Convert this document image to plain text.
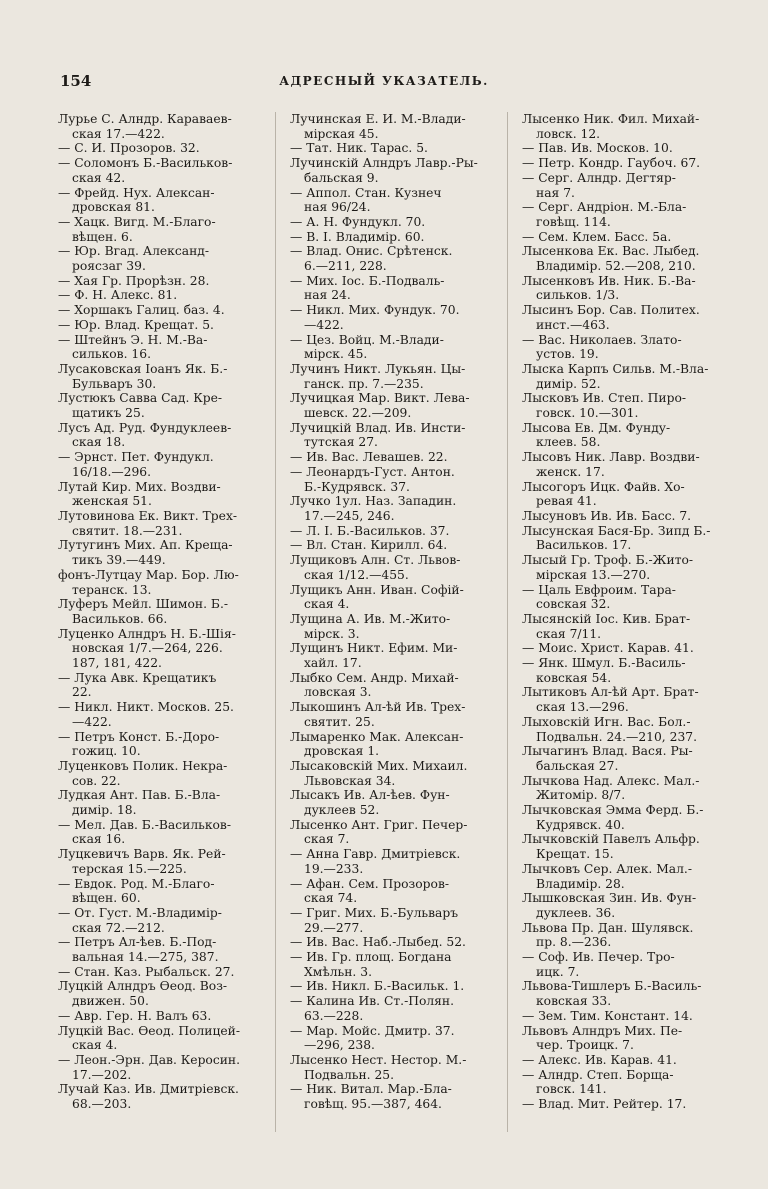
154	АДРЕСНЫЙ УКАЗАТЕЛЬ.
Лурье С. Алндр. Караваев-
ская 17.—422.
— С. И. Прозоров. 32.
— Соломонъ Б.-Васильков-
ская 42.
— Фрейд. Нух. Алексан-
дровская 81.
— Хацк. Вигд. М.-Благо-
вѣщен. 6.
— Юр. Вгад. Александ-
роясзаг 39.
— Хая Гр. Прорѣзн. 28.
— Ф. Н. Алекс. 81.
— Хоршакъ Галиц. баз. 4.
— Юр. Влад. Крещат. 5.
— Штейнъ Э. Н. М.-Ва-
сильков. 16.
Лусаковская Іоанъ Як. Б.-
Бульваръ 30.
Лустюкъ Савва Сад. Кре-
щатикъ 25.
Лусъ Ад. Руд. Фундуклеев-
ская 18.
— Эрнст. Пет. Фундукл.
16/18.—296.
Лутай Кир. Мих. Воздви-
женская 51.
Лутовинова Ек. Викт. Трех-
святит. 18.—231.
Лутугинъ Мих. Ап. Креща-
тикъ 39.—449.
фонъ-Лутцау Мар. Бор. Лю-
теранск. 13.
Луферъ Мейл. Шимон. Б.-
Васильков. 66.
Луценко Алндръ Н. Б.-Шія-
новская 1/7.—264, 226.
187, 181, 422.
— Лука Авк. Крещатикъ
22.
— Никл. Никт. Москов. 25.
—422.
— Петръ Конст. Б.-Доро-
гожиц. 10.
Луценковъ Полик. Некра-
сов. 22.
Лудкая Ант. Пав. Б.-Вла-
димір. 18.
— Мел. Дав. Б.-Васильков-
ская 16.
Луцкевичъ Варв. Як. Рей-
терская 15.—225.
— Евдок. Род. М.-Благо-
вѣщен. 60.
— От. Густ. М.-Владимір-
ская 72.—212.
— Петръ Ал-ѣев. Б.-Под-
вальная 14.—275, 387.
— Стан. Каз. Рыбальск. 27.
Луцкій Алндръ Ѳеод. Воз-
движен. 50.
— Авр. Гер. Н. Валъ 63.
Луцкій Вас. Ѳеод. Полицей-
ская 4.
— Леон.-Эрн. Дав. Керосин.
17.—202.
Лучай Каз. Ив. Дмитріевск.
68.—203.
Лучинская Е. И. М.-Влади-
мірская 45.
— Тат. Ник. Тарас. 5.
Лучинскій Алндръ Лавр.-Ры-
бальская 9.
— Аппол. Стан. Кузнеч
ная 96/24.
— А. Н. Фундукл. 70.
— В. І. Владимір. 60.
— Влад. Онис. Срѣтенск.
6.—211, 228.
— Мих. Іос. Б.-Подваль-
ная 24.
— Никл. Мих. Фундук. 70.
—422.
— Цез. Войц. М.-Влади-
мірск. 45.
Лучинъ Никт. Лукьян. Цы-
ганск. пр. 7.—235.
Лучицкая Мар. Викт. Лева-
шевск. 22.—209.
Лучицкій Влад. Ив. Инсти-
тутская 27.
— Ив. Вас. Левашев. 22.
— Леонардъ-Густ. Антон.
Б.-Кудрявск. 37.
Лучко 1ул. Наз. Западин.
17.—245, 246.
— Л. І. Б.-Васильков. 37.
— Вл. Стан. Кирилл. 64.
Лущиковъ Алн. Ст. Львов-
ская 1/12.—455.
Лущикъ Анн. Иван. Софій-
ская 4.
Лущина А. Ив. М.-Жито-
мірск. 3.
Лущинъ Никт. Ефим. Ми-
хайл. 17.
Лыбко Сем. Андр. Михай-
ловская 3.
Лыкошинъ Ал-ѣй Ив. Трех-
святит. 25.
Лымаренко Мак. Алексан-
дровская 1.
Лысаковскій Мих. Михаил.
Львовская 34.
Лысакъ Ив. Ал-ѣев. Фун-
дуклеев 52.
Лысенко Ант. Григ. Печер-
ская 7.
— Анна Гавр. Дмитріевск.
19.—233.
— Афан. Сем. Прозоров-
ская 74.
— Григ. Мих. Б.-Бульваръ
29.—277.
— Ив. Вас. Наб.-Лыбед. 52.
— Ив. Гр. площ. Богдана
Хмѣльн. 3.
— Ив. Никл. Б.-Васильк. 1.
— Калина Ив. Ст.-Полян.
63.—228.
— Мар. Мойс. Дмитр. 37.
—296, 238.
Лысенко Нест. Нестор. М.-
Подвальн. 25.
— Ник. Витал. Мар.-Бла-
говѣщ. 95.—387, 464.
Лысенко Ник. Фил. Михай-
ловск. 12.
— Пав. Ив. Москов. 10.
— Петр. Кондр. Гаубоч. 67.
— Серг. Алндр. Дегтяр-
ная 7.
— Серг. Андріон. М.-Бла-
говѣщ. 114.
— Сем. Клем. Басс. 5а.
Лысенкова Ек. Вас. Лыбед.
Владимір. 52.—208, 210.
Лысенковъ Ив. Ник. Б.-Ва-
сильков. 1/3.
Лысинъ Бор. Сав. Политех.
инст.—463.
— Вас. Николаев. Злато-
устов. 19.
Лыска Карпъ Сильв. М.-Вла-
димір. 52.
Лысковъ Ив. Степ. Пиро-
говск. 10.—301.
Лысова Ев. Дм. Фунду-
клеев. 58.
Лысовъ Ник. Лавр. Воздви-
женск. 17.
Лысогоръ Ицк. Файв. Хо-
ревая 41.
Лысуновъ Ив. Ив. Басс. 7.
Лысунская Бася-Бр. Зипд Б.-
Васильков. 17.
Лысый Гр. Троф. Б.-Жито-
мірская 13.—270.
— Цаль Евфроим. Тара-
совская 32.
Лысянскій Іос. Кив. Брат-
ская 7/11.
— Моис. Христ. Карав. 41.
— Янк. Шмул. Б.-Василь-
ковская 54.
Лытиковъ Ал-ѣй Арт. Брат-
ская 13.—296.
Лыховскій Игн. Вас. Бол.-
Подвальн. 24.—210, 237.
Лычагинъ Влад. Вася. Ры-
бальская 27.
Лычкова Над. Алекс. Мал.-
Житомір. 8/7.
Лычковская Эмма Ферд. Б.-
Кудрявск. 40.
Лычковскій Павелъ Альфр.
Крещат. 15.
Лычковъ Сер. Алек. Мал.-
Владимір. 28.
Лышковская Зин. Ив. Фун-
дуклеев. 36.
Львова Пр. Дан. Шулявск.
пр. 8.—236.
— Соф. Ив. Печер. Тро-
ицк. 7.
Львова-Тишлеръ Б.-Василь-
ковская 33.
— Зем. Тим. Констант. 14.
Львовъ Алндръ Мих. Пе-
чер. Троицк. 7.
— Алекс. Ив. Карав. 41.
— Алндр. Степ. Борща-
говск. 141.
— Влад. Мит. Рейтер. 17.
